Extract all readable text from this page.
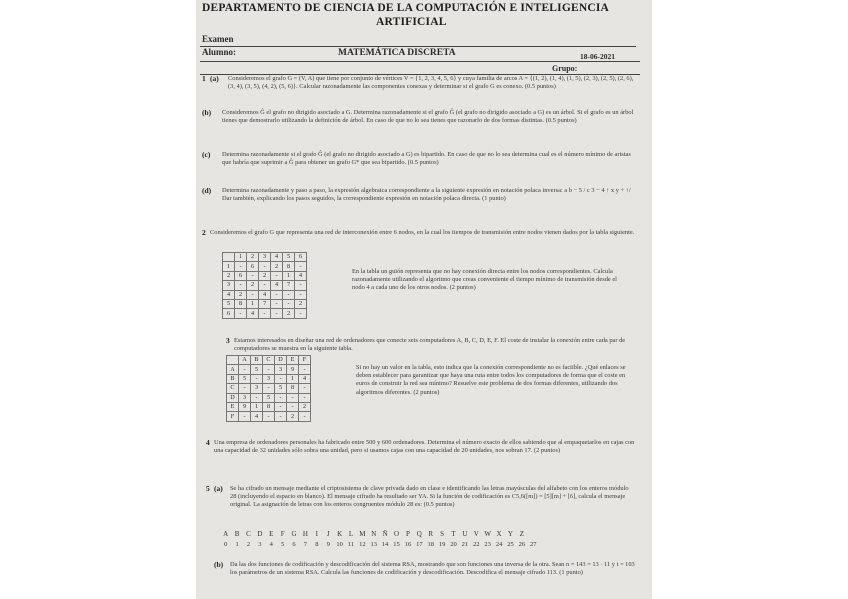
DEPARTAMENTO DE CIENCIA DE LA COMPUTACIÓN E INTELIGENCIA
ARTIFICIAL
Examen
Alumno:	MATEMÁTICA DISCRETA	18-06-2021
Grupo:
1 (a) Consideremos el grafo G = (V, A) que tiene por conjunto de vértices V = {1, 2, 3, 4, 5, 6} y cuya familia de arcos A = {(1, 2), (1, 4), (1, 5), (2, 3), (2, 5), (2, 6), (3, 4), (3, 5), (4, 2), (5, 6)}. Calcular razonadamente las componentes conexas y determinar si el grafo G es conexo. (0.5 puntos)
(b) Consideremos Ĝ el grafo no dirigido asociado a G. Determina razonadamente si el grafo Ĝ (el grafo no dirigido asociado a G) es un árbol. Si el grafo es un árbol tienes que demostrarlo utilizando la definición de árbol. En caso de que no lo sea tienes que razonarlo de dos formas distintas. (0.5 puntos)
(c) Determina razonadamente si el grafo Ĝ (el grafo no dirigido asociado a G) es bipartido. En caso de que no lo sea determina cual es el número mínimo de aristas que habría que suprimir a Ĝ para obtener un grafo G* que sea bipartido. (0.5 puntos)
(d) Determina razonadamente y paso a paso, la expresión algebraica correspondiente a la siguiente expresión en notación polaca inversa: a b − 5 / c 3 − 4 ↑ x y + ↑/ Dar también, explicando los pasos seguidos, la correspondiente expresión en notación polaca directa. (1 punto)
2 Consideremos el grafo G que representa una red de interconexión entre 6 nodos, en la cual los tiempos de transmisión entre nodos vienen dados por la tabla siguiente.
	1	2	3	4	5	6
1	-	6	-	2	8	-
2	6	-	2	-	1	4
3	-	2	-	4	7	-
4	2	-	4	-	-	-
5	8	1	7	-	-	2
6	-	4	-	-	2	-
En la tabla un guión representa que no hay conexión directa entre los nodos correspondientes. Calcula razonadamente utilizando el algoritmo que creas conveniente el tiempo mínimo de transmisión desde el nodo 4 a cada uno de los otros nodos. (2 puntos)
3 Estamos interesados en diseñar una red de ordenadores que conecte seis computadores A, B, C, D, E, F. El coste de instalar la conexión entre cada par de computadores se muestra en la siguiente tabla.
	A	B	C	D	E	F
A	-	5	-	3	9	-
B	5	-	3	-	1	4
C	-	3	-	5	8	-
D	3	-	5	-	-	-
E	9	1	8	-	-	2
F	-	4	-	-	2	-
Si no hay un valor en la tabla, esto indica que la conexión correspondiente no es factible. ¿Qué enlaces se deben establecer para garantizar que haya una ruta entre todos los computadores de forma que el coste en euros de construir la red sea mínimo? Resuelve este problema de dos formas diferentes, utilizando dos algoritmos diferentes. (2 puntos)
4 Una empresa de ordenadores personales ha fabricado entre 500 y 600 ordenadores. Determina el número exacto de ellos sabiendo que al empaquetarlos en cajas con una capacidad de 32 unidades sólo sobra una unidad, pero si usamos cajas con una capacidad de 20 unidades, nos sobran 17. (2 puntos)
5 (a) Se ha cifrado un mensaje mediante el criptosistema de clave privada dado en clase e identificando las letras mayúsculas del alfabeto con los enteros módulo 28 (incluyendo el espacio en blanco). El mensaje cifrado ha resultado ser YA. Si la función de codificación es C5,6([m]) = [5][m] + [6], calcula el mensaje original. La asignación de letras con los enteros congruentes módulo 28 es: (0.5 puntos)
A B C D E F G H I J K L M N Ñ O P Q R S T U V W X Y Z
0 1 2 3 4 5 6 7 8 9 10 11 12 13 14 15 16 17 18 19 20 21 22 23 24 25 26 27
(b) Da las dos funciones de codificación y descodificación del sistema RSA, mostrando que son funciones una inversa de la otra. Sean n = 143 = 13 · 11 y t = 103 los parámetros de un sistema RSA. Calcula las funciones de codificación y descodificación. Descodifica el mensaje cifrado 113. (1 punto)
